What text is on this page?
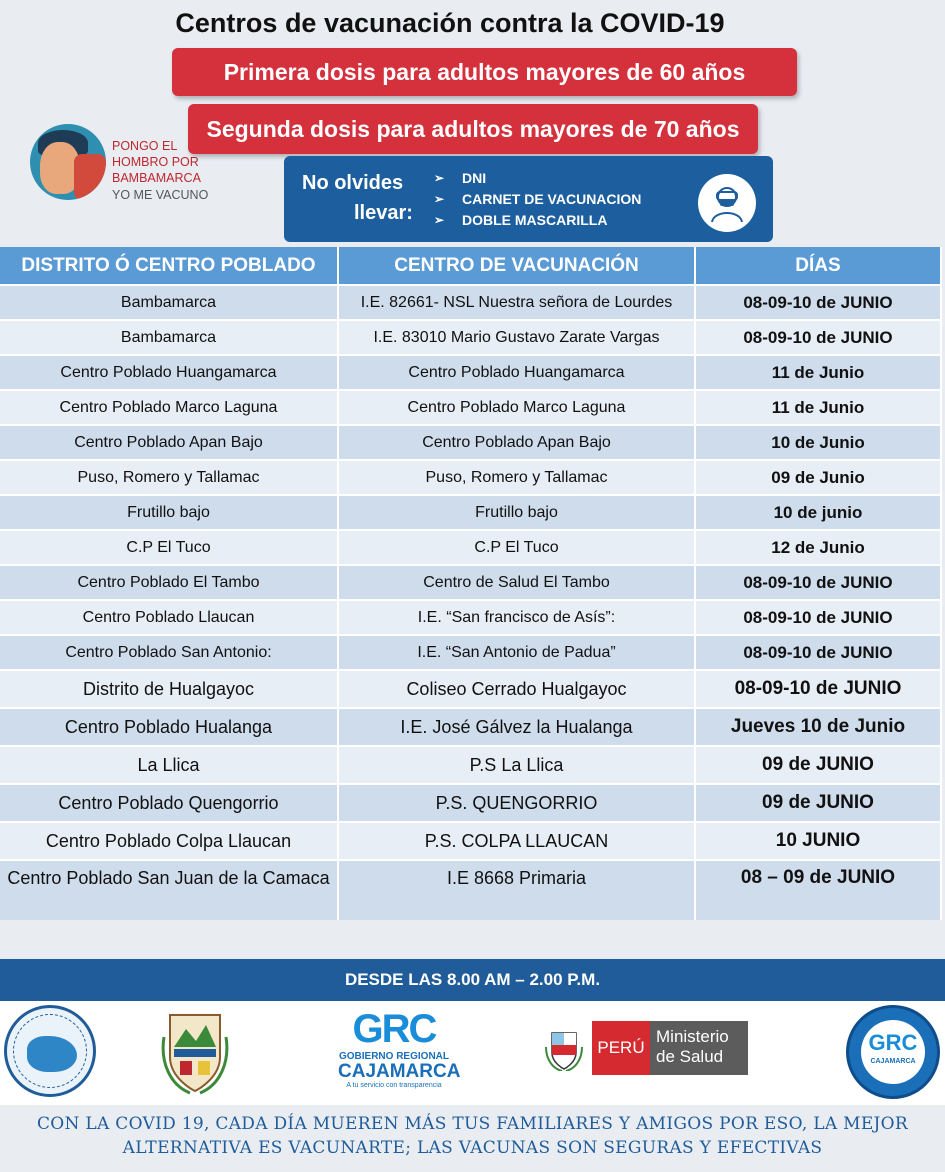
Centros de vacunación contra la COVID-19
Primera dosis para adultos mayores de 60 años
Segunda dosis para adultos mayores de 70 años
PONGO EL HOMBRO POR BAMBAMARCA
YO ME VACUNO
No olvides
llevar:
➢ DNI
➢ CARNET DE VACUNACION
➢ DOBLE MASCARILLA
DISTRITO Ó CENTRO POBLADO	CENTRO DE VACUNACIÓN	DÍAS
Bambamarca	I.E. 82661- NSL Nuestra señora de Lourdes	08-09-10 de JUNIO
Bambamarca	I.E. 83010 Mario Gustavo Zarate Vargas	08-09-10 de JUNIO
Centro Poblado Huangamarca	Centro Poblado Huangamarca	11 de Junio
Centro Poblado Marco Laguna	Centro Poblado Marco Laguna	11 de Junio
Centro Poblado Apan Bajo	Centro Poblado Apan Bajo	10 de Junio
Puso, Romero y Tallamac	Puso, Romero y Tallamac	09 de Junio
Frutillo bajo	Frutillo bajo	10 de junio
C.P El Tuco	C.P El Tuco	12 de Junio
Centro Poblado El Tambo	Centro de Salud El Tambo	08-09-10 de JUNIO
Centro Poblado Llaucan	I.E. “San francisco de Asís”:	08-09-10 de JUNIO
Centro Poblado San Antonio:	I.E. “San Antonio de Padua”	08-09-10 de JUNIO
Distrito de Hualgayoc	Coliseo Cerrado Hualgayoc	08-09-10 de JUNIO
Centro Poblado Hualanga	I.E. José Gálvez la Hualanga	Jueves 10 de Junio
La Llica	P.S La Llica	09 de JUNIO
Centro Poblado Quengorrio	P.S. QUENGORRIO	09 de JUNIO
Centro Poblado Colpa Llaucan	P.S. COLPA LLAUCAN	10 JUNIO
Centro Poblado San Juan de la Camaca	I.E 8668 Primaria	08 – 09 de JUNIO
DESDE LAS 8.00 AM – 2.00 P.M.
GRC
GOBIERNO REGIONAL
CAJAMARCA
A tu servicio con transparencia
PERÚ
Ministerio de Salud
GRC
CAJAMARCA
CON LA COVID 19, CADA DÍA MUEREN MÁS TUS FAMILIARES Y AMIGOS POR ESO, LA MEJOR ALTERNATIVA ES VACUNARTE; LAS VACUNAS SON SEGURAS Y EFECTIVAS
